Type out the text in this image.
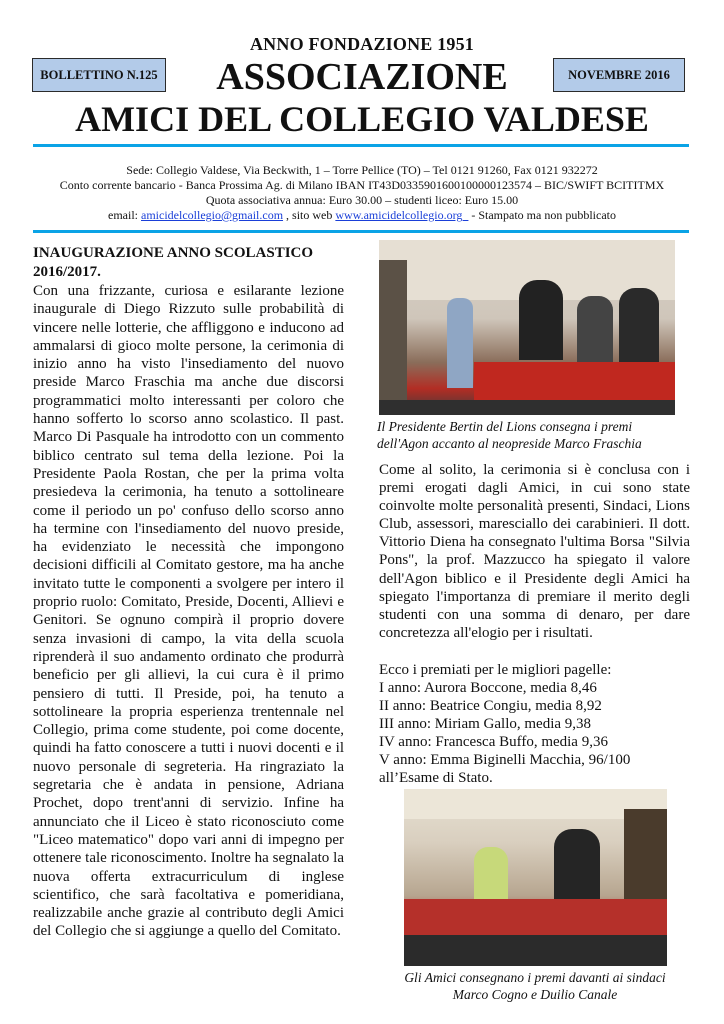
ANNO FONDAZIONE 1951
BOLLETTINO N.125	ASSOCIAZIONE	NOVEMBRE 2016
AMICI DEL COLLEGIO VALDESE
Sede: Collegio Valdese, Via Beckwith, 1 – Torre Pellice (TO) – Tel 0121 91260, Fax 0121 932272
Conto corrente bancario - Banca Prossima Ag. di Milano IBAN IT43D0335901600100000123574 – BIC/SWIFT BCITITMX
Quota associativa annua: Euro 30.00 – studenti liceo: Euro 15.00
email: amicidelcollegio@gmail.com , sito web www.amicidelcollegio.org_ - Stampato ma non pubblicato
INAUGURAZIONE ANNO SCOLASTICO 2016/2017.
Con una frizzante, curiosa e esilarante lezione inaugurale di Diego Rizzuto sulle probabilità di vincere nelle lotterie, che affliggono e inducono ad ammalarsi di gioco molte persone, la cerimonia di inizio anno ha visto l'insediamento del nuovo preside Marco Fraschia ma anche due discorsi programmatici molto interessanti per coloro che hanno sofferto lo scorso anno scolastico. Il past. Marco Di Pasquale ha introdotto con un commento biblico centrato sul tema della lezione. Poi la Presidente Paola Rostan, che per la prima volta presiedeva la cerimonia, ha tenuto a sottolineare come il periodo un po' confuso dello scorso anno ha termine con l'insediamento del nuovo preside, ha evidenziato le necessità che impongono decisioni difficili al Comitato gestore, ma ha anche invitato tutte le componenti a svolgere per intero il proprio ruolo: Comitato, Preside, Docenti, Allievi e Genitori. Se ognuno compirà il proprio dovere senza invasioni di campo, la vita della scuola riprenderà il suo andamento ordinato che produrrà beneficio per gli allievi, la cui cura è il primo pensiero di tutti. Il Preside, poi, ha tenuto a sottolineare la propria esperienza trentennale nel Collegio, prima come studente, poi come docente, quindi ha fatto conoscere a tutti i nuovi docenti e il nuovo personale di segreteria. Ha ringraziato la segretaria che è andata in pensione, Adriana Prochet, dopo trent'anni di servizio. Infine ha annunciato che il Liceo è stato riconosciuto come "Liceo matematico" dopo vari anni di impegno per ottenere tale riconoscimento. Inoltre ha segnalato la nuova offerta extracurriculum di inglese scientifico, che sarà facoltativa e pomeridiana, realizzabile anche grazie al contributo degli Amici del Collegio che si aggiunge a quello del Comitato.
Il Presidente Bertin del Lions consegna i premi dell'Agon accanto al neopreside Marco Fraschia
Come al solito, la cerimonia si è conclusa con i premi erogati dagli Amici, in cui sono state coinvolte molte personalità presenti, Sindaci, Lions Club, assessori, maresciallo dei carabinieri. Il dott. Vittorio Diena ha consegnato l'ultima Borsa "Silvia Pons", la prof. Mazzucco ha spiegato il valore dell'Agon biblico e il Presidente degli Amici ha spiegato l'importanza di premiare il merito degli studenti con una somma di denaro, per dare concretezza all'elogio per i risultati.
Ecco i premiati per le migliori pagelle:
I anno: Aurora Boccone, media 8,46
II anno: Beatrice Congiu, media 8,92
III anno: Miriam Gallo, media 9,38
IV anno: Francesca Buffo, media 9,36
V anno: Emma Biginelli Macchia, 96/100
all’Esame di Stato.
Gli Amici consegnano i premi davanti ai sindaci Marco Cogno e Duilio Canale
